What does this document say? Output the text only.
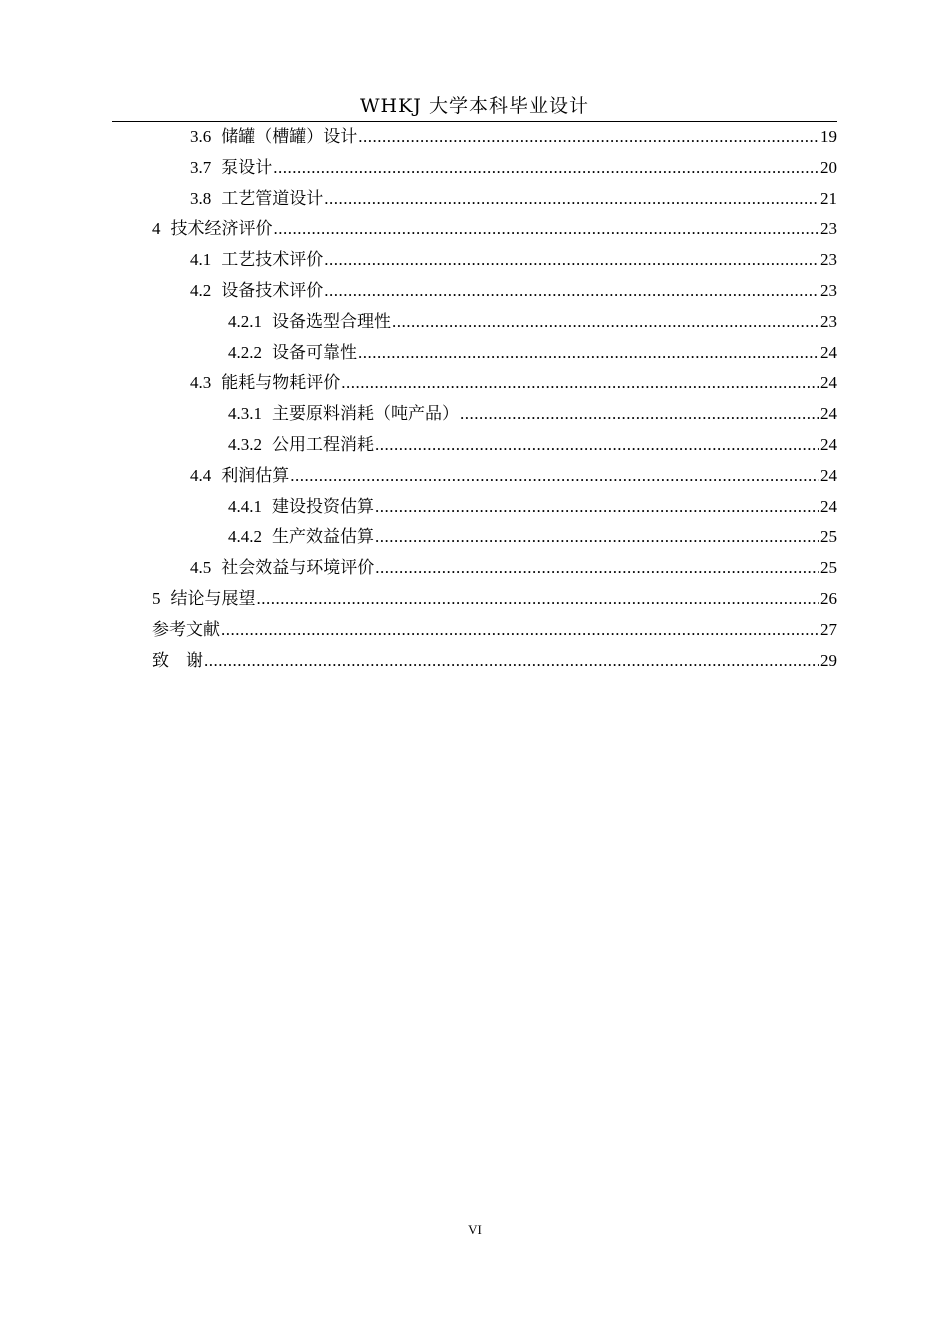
WHKJ 大学本科毕业设计
3.6 储罐（槽罐）设计 .....	19
3.7 泵设计 .....	20
3.8 工艺管道设计 .....	21
4 技术经济评价 .....	23
4.1 工艺技术评价 .....	23
4.2 设备技术评价 .....	23
4.2.1 设备选型合理性 .....	23
4.2.2 设备可靠性 .....	24
4.3 能耗与物耗评价 .....	24
4.3.1 主要原料消耗（吨产品） .....	24
4.3.2 公用工程消耗 .....	24
4.4 利润估算 .....	24
4.4.1 建设投资估算 .....	24
4.4.2 生产效益估算 .....	25
4.5 社会效益与环境评价 .....	25
5 结论与展望 .....	26
参考文献 .....	27
致　谢 .....	29
VI
